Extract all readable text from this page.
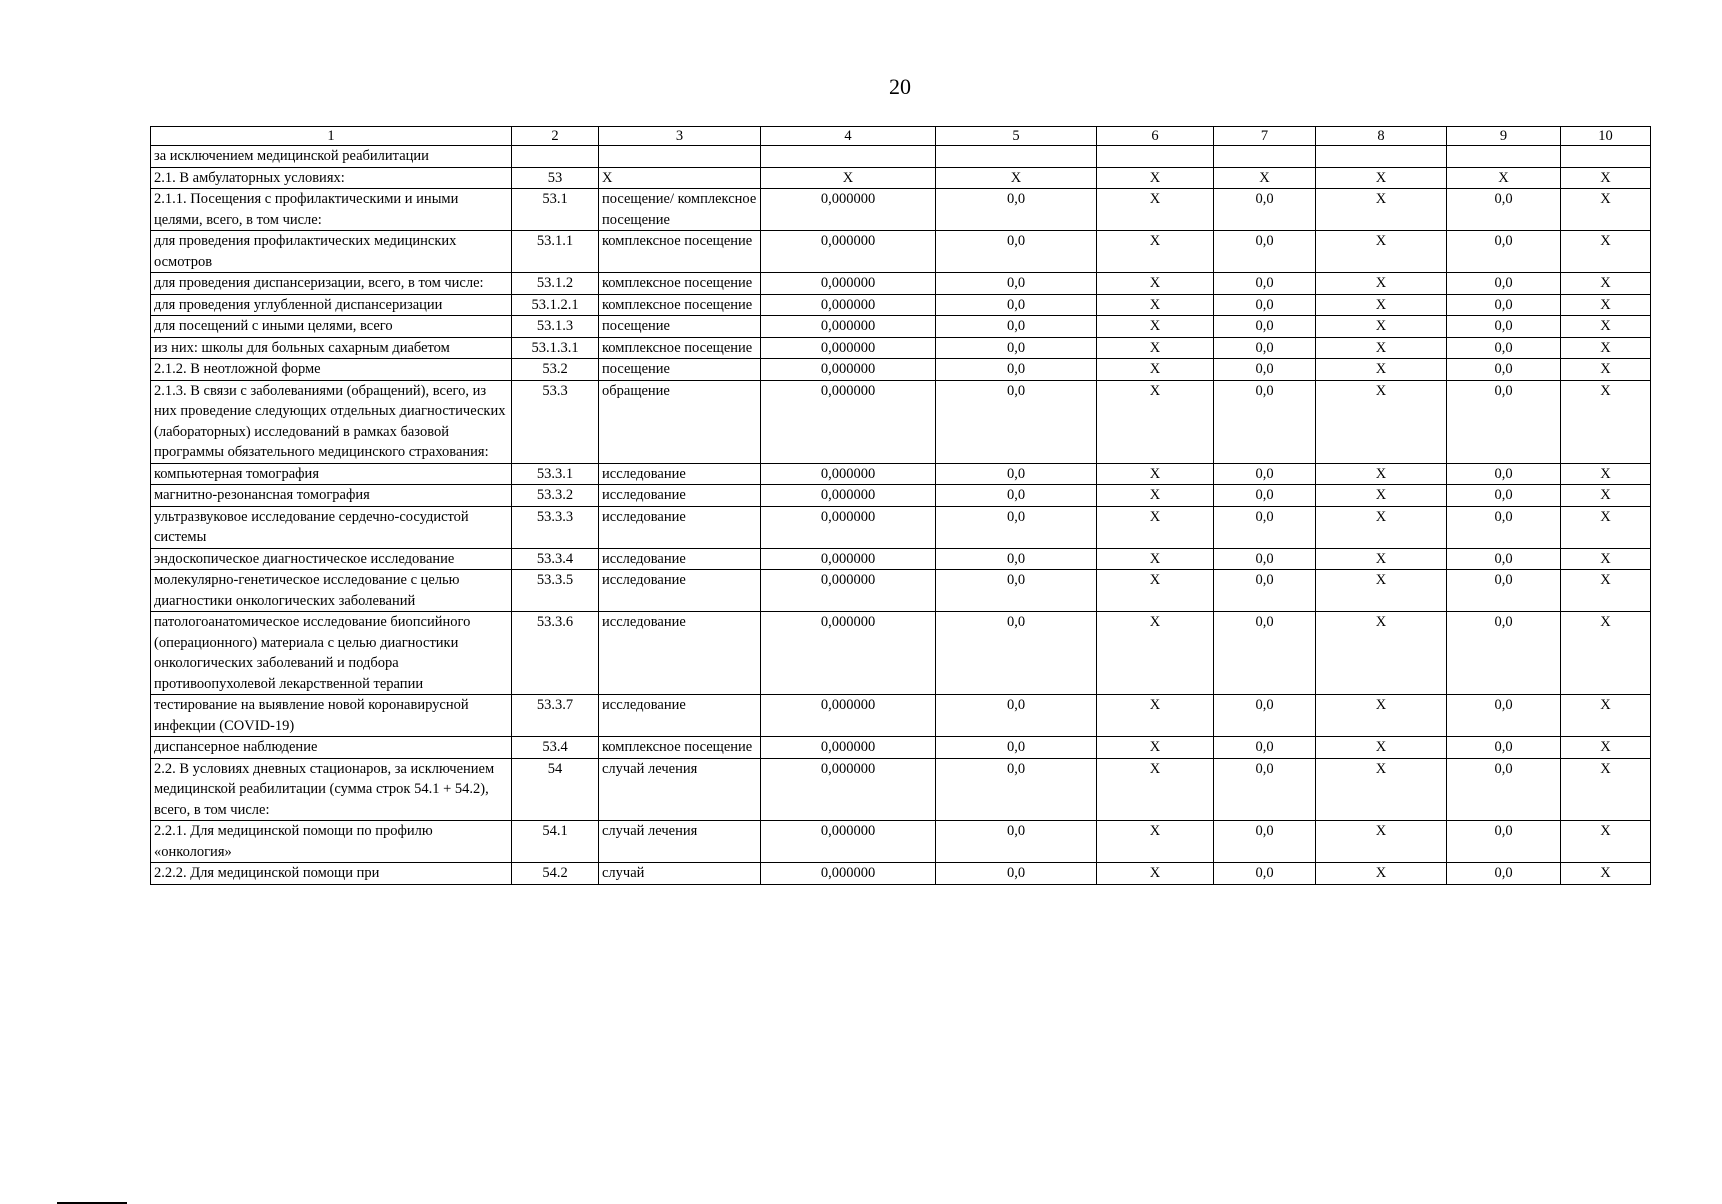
20
1	2	3	4	5	6	7	8	9	10
за исключением медицинской реабилитации									
2.1. В амбулаторных условиях:	53	X	X	X	X	X	X	X	X
2.1.1. Посещения с профилактическими и иными целями, всего, в том числе:	53.1	посещение/ комплексное посещение	0,000000	0,0	X	0,0	X	0,0	X
для проведения профилактических медицинских осмотров	53.1.1	комплексное посещение	0,000000	0,0	X	0,0	X	0,0	X
для проведения диспансеризации, всего, в том числе:	53.1.2	комплексное посещение	0,000000	0,0	X	0,0	X	0,0	X
для проведения углубленной диспансеризации	53.1.2.1	комплексное посещение	0,000000	0,0	X	0,0	X	0,0	X
для посещений с иными целями, всего	53.1.3	посещение	0,000000	0,0	X	0,0	X	0,0	X
из них: школы для больных сахарным диабетом	53.1.3.1	комплексное посещение	0,000000	0,0	X	0,0	X	0,0	X
2.1.2. В неотложной форме	53.2	посещение	0,000000	0,0	X	0,0	X	0,0	X
2.1.3. В связи с заболеваниями (обращений), всего, из них проведение следующих отдельных диагностических (лабораторных) исследований в рамках базовой программы обязательного медицинского страхования:	53.3	обращение	0,000000	0,0	X	0,0	X	0,0	X
компьютерная томография	53.3.1	исследование	0,000000	0,0	X	0,0	X	0,0	X
магнитно-резонансная томография	53.3.2	исследование	0,000000	0,0	X	0,0	X	0,0	X
ультразвуковое исследование сердечно-сосудистой системы	53.3.3	исследование	0,000000	0,0	X	0,0	X	0,0	X
эндоскопическое диагностическое исследование	53.3.4	исследование	0,000000	0,0	X	0,0	X	0,0	X
молекулярно-генетическое исследование с целью диагностики онкологических заболеваний	53.3.5	исследование	0,000000	0,0	X	0,0	X	0,0	X
патологоанатомическое исследование биопсийного (операционного) материала с целью диагностики онкологических заболеваний и подбора противоопухолевой лекарственной терапии	53.3.6	исследование	0,000000	0,0	X	0,0	X	0,0	X
тестирование на выявление новой коронавирусной инфекции (COVID-19)	53.3.7	исследование	0,000000	0,0	X	0,0	X	0,0	X
диспансерное наблюдение	53.4	комплексное посещение	0,000000	0,0	X	0,0	X	0,0	X
2.2. В условиях дневных стационаров, за исключением медицинской реабилитации (сумма строк 54.1 + 54.2), всего, в том числе:	54	случай лечения	0,000000	0,0	X	0,0	X	0,0	X
2.2.1. Для медицинской помощи по профилю «онкология»	54.1	случай лечения	0,000000	0,0	X	0,0	X	0,0	X
2.2.2. Для медицинской помощи при	54.2	случай	0,000000	0,0	X	0,0	X	0,0	X
